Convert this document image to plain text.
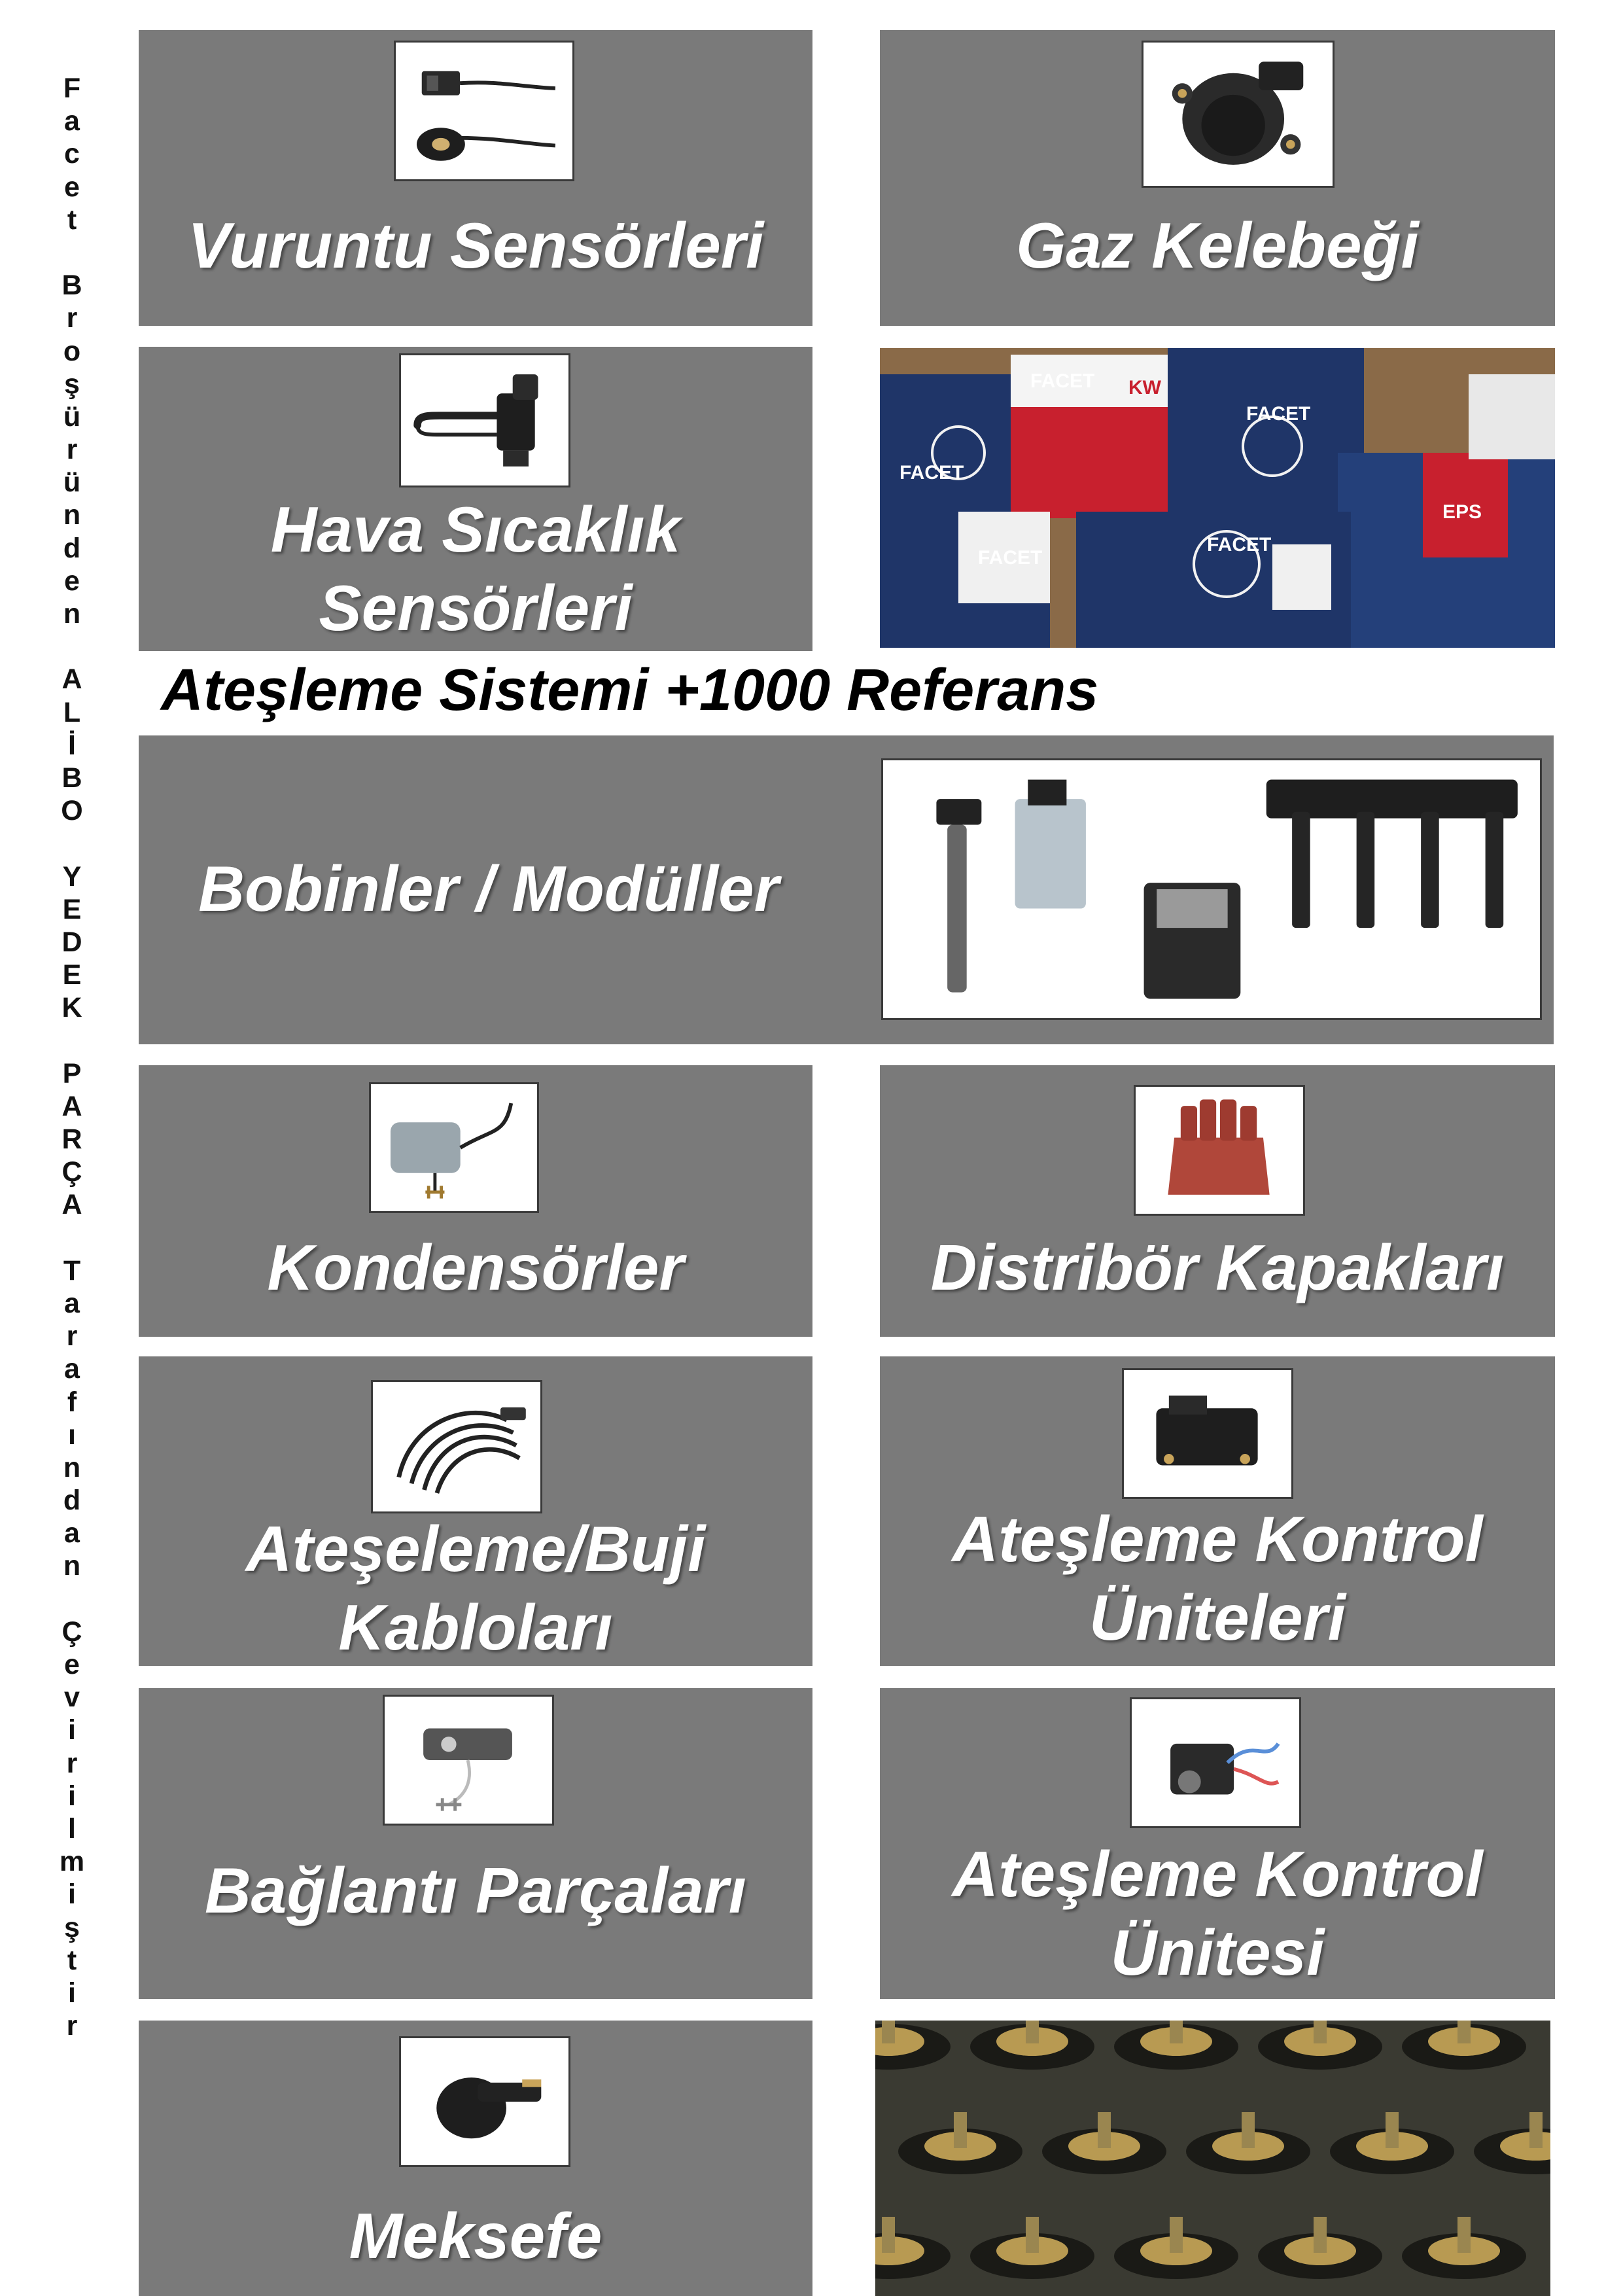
F
a
c
e
t

B
r
o
ş
ü
r
ü
n
d
e
n

A
L
İ
B
O

Y
E
D
E
K

P
A
R
Ç
A

T
a
r
a
f
ı
n
d
a
n

Ç
e
v
i
r
i
l
m
i
ş
t
i
r
Vuruntu Sensörleri	Gaz Kelebeği
Hava Sıcaklık
Sensörleri
FACET
FACET
FACET
KW
EPS
FACET
FACET
Ateşleme Sistemi +1000 Referans
Bobinler / Modüller
Kondensörler	Distribör Kapakları
Ateşeleme/Buji
Kabloları
Ateşleme Kontrol
Üniteleri
Bağlantı Parçaları	Ateşleme Kontrol
Ünitesi
Meksefe
